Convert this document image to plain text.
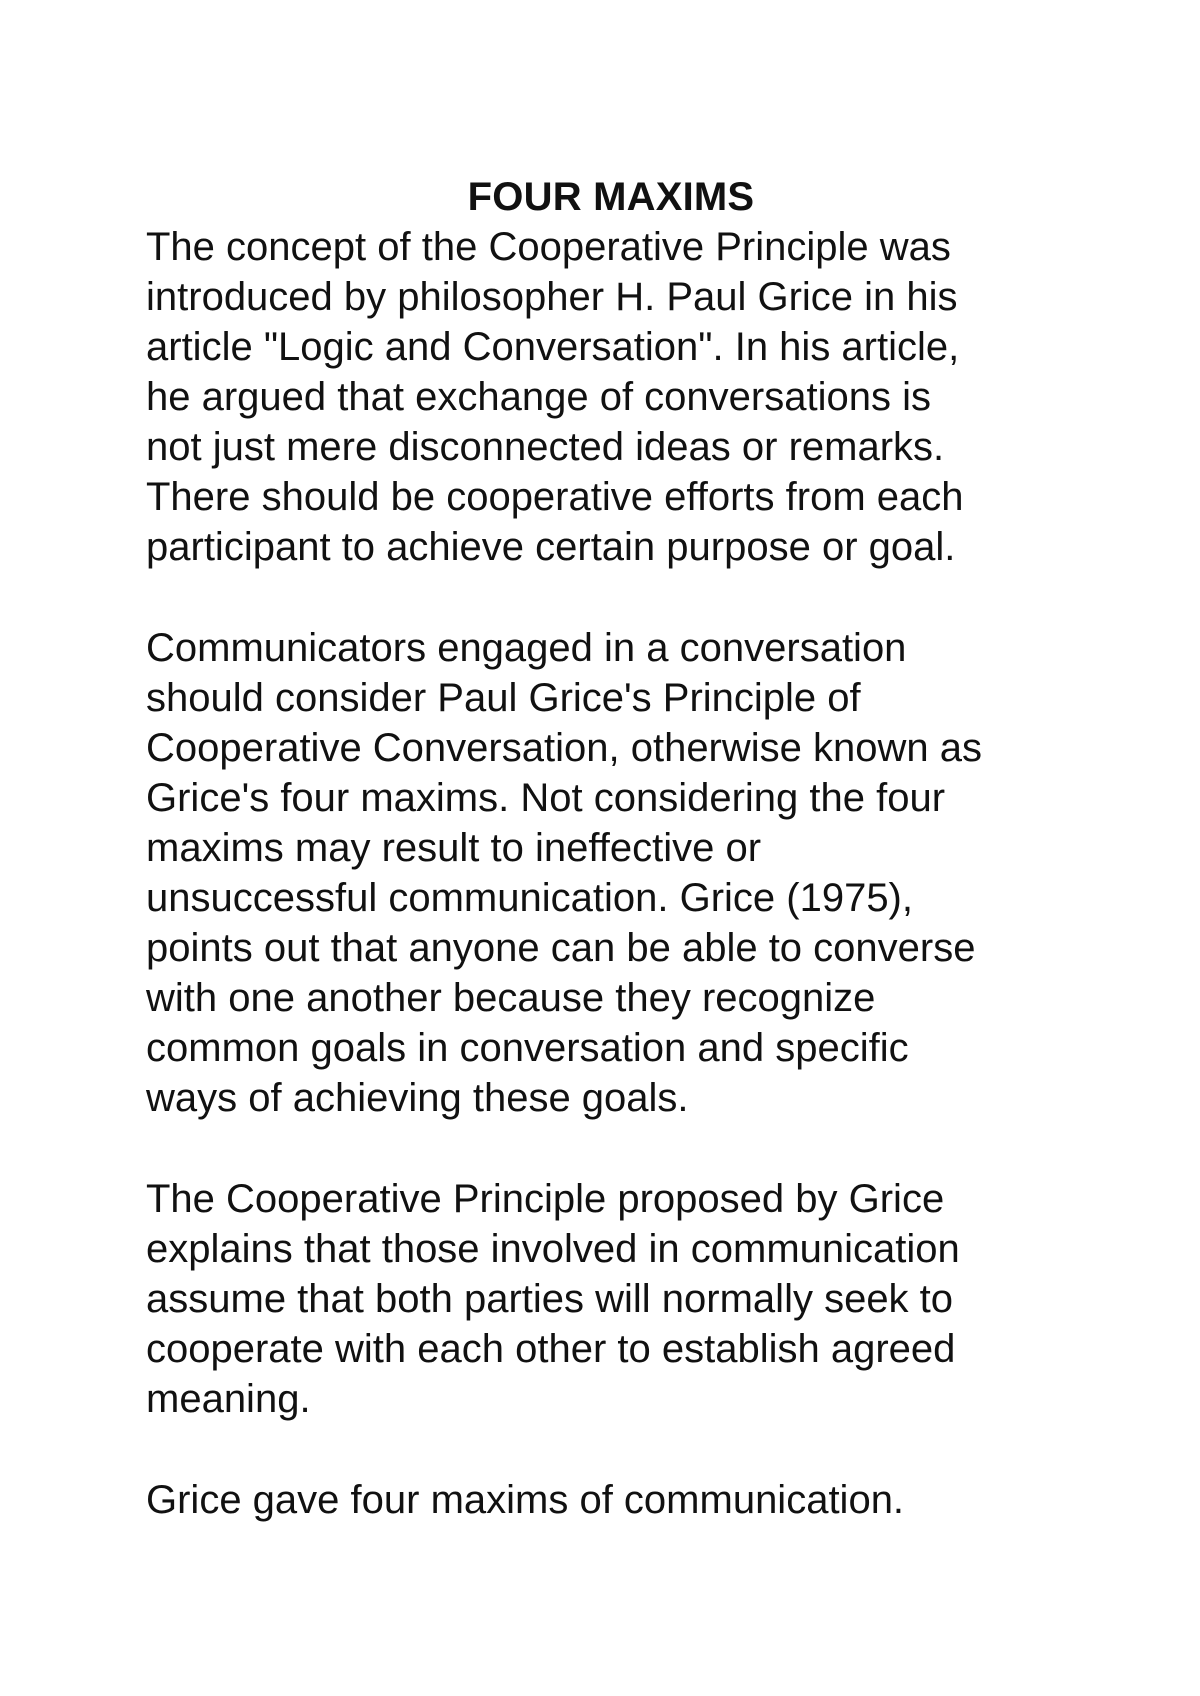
FOUR MAXIMS

The concept of the Cooperative Principle was
introduced by philosopher H. Paul Grice in his
article "Logic and Conversation". In his article,
he argued that exchange of conversations is
not just mere disconnected ideas or remarks.
There should be cooperative efforts from each
participant to achieve certain purpose or goal.

Communicators engaged in a conversation
should consider Paul Grice's Principle of
Cooperative Conversation, otherwise known as
Grice's four maxims. Not considering the four
maxims may result to ineffective or
unsuccessful communication. Grice (1975),
points out that anyone can be able to converse
with one another because they recognize
common goals in conversation and specific
ways of achieving these goals.

The Cooperative Principle proposed by Grice
explains that those involved in communication
assume that both parties will normally seek to
cooperate with each other to establish agreed
meaning.

Grice gave four maxims of communication.
